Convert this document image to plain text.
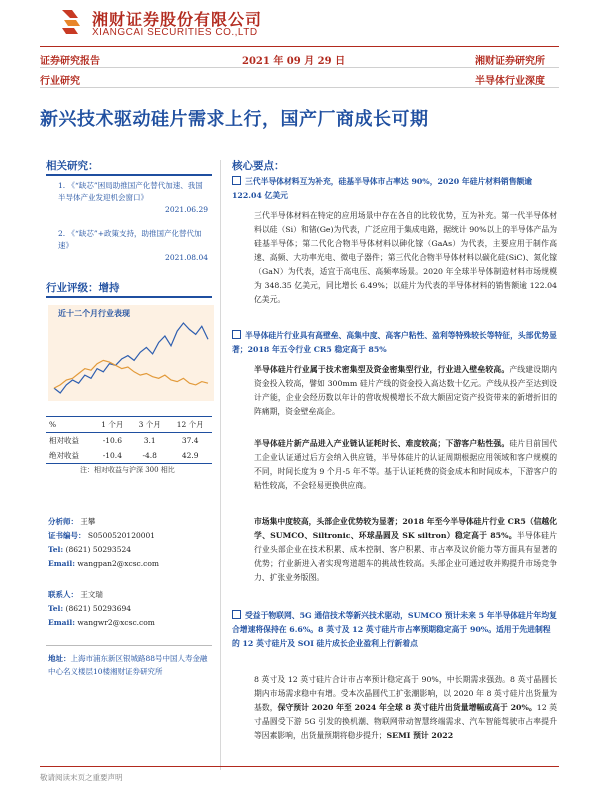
湘财证券股份有限公司
XIANGCAI SECURITIES CO.,LTD
证券研究报告	2021 年 09 月 29 日	湘财证券研究所
行业研究	半导体行业深度
新兴技术驱动硅片需求上行，国产厂商成长可期
相关研究：
1. 《“缺芯”困局助推国产化替代加速、我国半导体产业发迎机会窗口》
2021.06.29
2. 《“缺芯”+政策支持，助推国产化替代加速》
2021.08.04
行业评级：增持
近十二个月行业表现
%	1 个月	3 个月	12 个月
相对收益	-10.6	3.1	37.4
绝对收益	-10.4	-4.8	42.9
注：相对收益与沪深 300 相比
分析师： 王攀
证书编号： S0500520120001
Tel: (8621) 50293524
Email: wangpan2@xcsc.com
联系人： 王文瑞
Tel: (8621) 50293694
Email: wangwr2@xcsc.com
地址：上海市浦东新区银城路88号中国人寿金融中心名义楼层10楼湘财证券研究所
核心要点：
三代半导体材料互为补充，硅基半导体市占率达 90%，2020 年硅片材料销售额逾 122.04 亿美元
三代半导体材料在特定的应用场景中存在各自的比较优势，互为补充。第一代半导体材料以硅（Si）和锗(Ge)为代表，广泛应用于集成电路，据统计 90%以上的半导体产品为硅基半导体；第二代化合物半导体材料以砷化镓（GaAs）为代表，主要应用于制作高速、高频、大功率光电、微电子器件；第三代化合物半导体材料以碳化硅(SiC)、氮化镓（GaN）为代表，适宜于高电压、高频率场景。2020 年全球半导体制造材料市场规模为 348.35 亿美元，同比增长 6.49%；以硅片为代表的半导体材料的销售额逾 122.04 亿美元。
半导体硅片行业具有高壁垒、高集中度、高客户粘性、盈利等特殊较长等特征，头部优势显著；2018 年五令行业 CR5 稳定高于 85%
半导体硅片行业属于技术密集型及资金密集型行业，行业进入壁垒较高。产线建设期内资金投入较高，譬如 300mm 硅片产线的资金投入高达数十亿元。产线从投产至达到设计产能，企业会经历数以年计的营收规模增长不敌大额固定资产投资带来的新增折旧的阵痛期，资金壁垒高企。
半导体硅片新产品进入产业链认证耗时长、难度较高；下游客户粘性强。硅片目前国代工企业认证通过后方会纳入供应链，半导体硅片的认证周期根据应用领域和客户规模的不同，时间长度为 9 个月-5 年不等。基于认证耗费的资金成本和时间成本，下游客户的粘性较高，不会轻易更换供应商。
市场集中度较高，头部企业优势较为显著；2018 年至今半导体硅片行业 CR5（信越化学、SUMCO、Siltronic、环球晶圆及 SK siltron）稳定高于 85%。半导体硅片行业头部企业在技术积累、成本控制、客户积累、市占率及议价能力等方面具有显著的优势；行业新进入者实现弯道超车的挑战性较高。头部企业可通过收并购提升市场竞争力、扩张业务版图。
受益于物联网、5G 通信技术等新兴技术驱动，SUMCO 预计未来 5 年半导体硅片年均复合增速将保持在 6.6%。8 英寸及 12 英寸硅片市占率预期稳定高于 90%。适用于先进制程的 12 英寸硅片及 SOI 硅片成长企业盈利上行新着点
8 英寸及 12 英寸硅片合计市占率预计稳定高于 90%，中长期需求强劲。8 英寸晶圆长期内市场需求稳中有增。受本次晶圆代工扩张潮影响，以 2020 年 8 英寸硅片出货量为基数，保守预计 2020 年至 2024 年全球 8 英寸硅片出货量增幅或高于 20%。12 英寸晶圆受下游 5G 引发的换机潮、物联网带动智慧终端需求、汽车智能驾驶市占率提升等因素影响，出货量预期将稳步提升；SEMI 预计 2022
敬请阅读末页之重要声明
